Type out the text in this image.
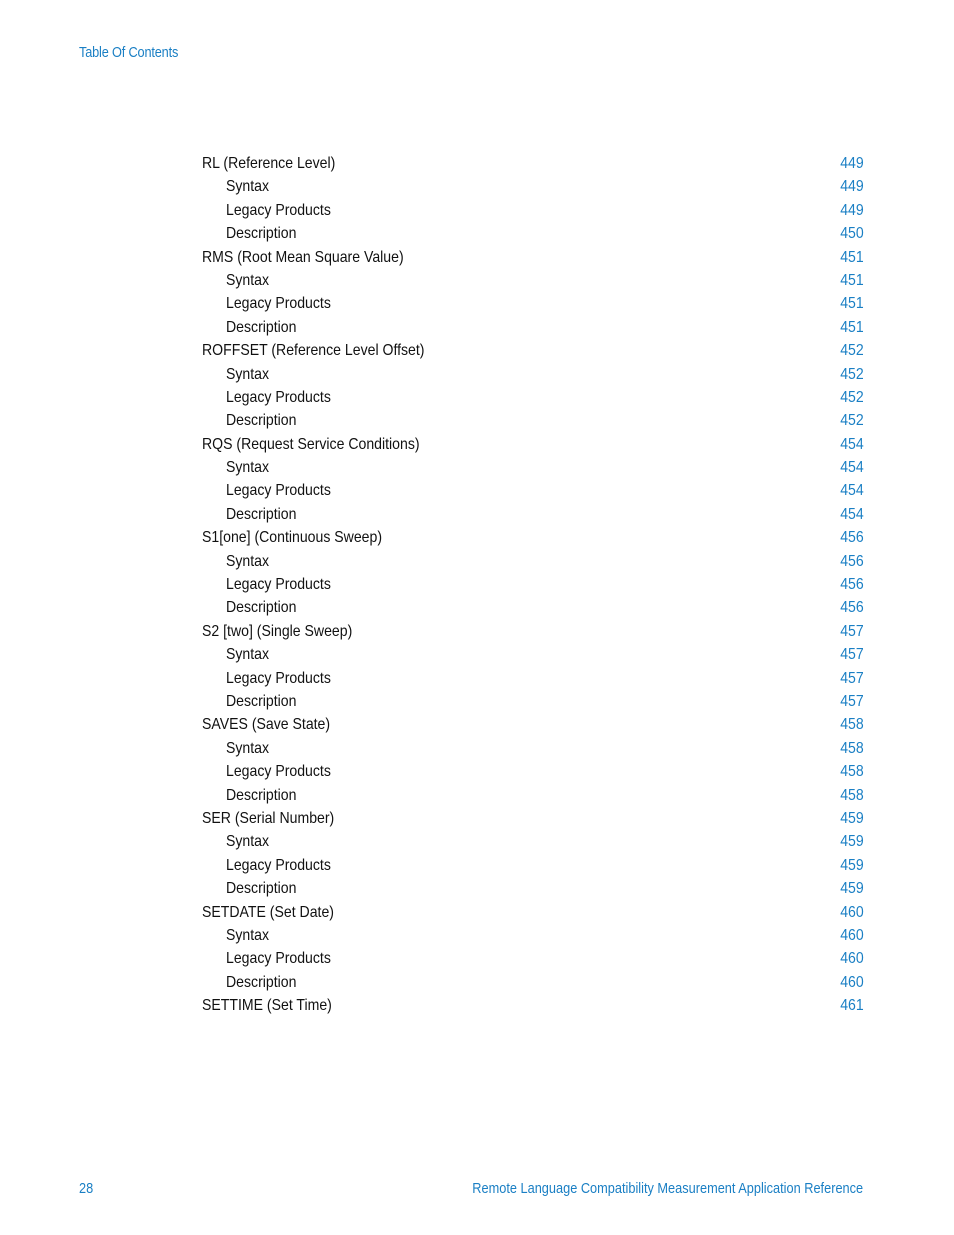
Table Of Contents
RL (Reference Level)	449
Syntax	449
Legacy Products	449
Description	450
RMS (Root Mean Square Value)	451
Syntax	451
Legacy Products	451
Description	451
ROFFSET (Reference Level Offset)	452
Syntax	452
Legacy Products	452
Description	452
RQS (Request Service Conditions)	454
Syntax	454
Legacy Products	454
Description	454
S1[one] (Continuous Sweep)	456
Syntax	456
Legacy Products	456
Description	456
S2 [two] (Single Sweep)	457
Syntax	457
Legacy Products	457
Description	457
SAVES (Save State)	458
Syntax	458
Legacy Products	458
Description	458
SER (Serial Number)	459
Syntax	459
Legacy Products	459
Description	459
SETDATE (Set Date)	460
Syntax	460
Legacy Products	460
Description	460
SETTIME (Set Time)	461
28	Remote Language Compatibility Measurement Application Reference
